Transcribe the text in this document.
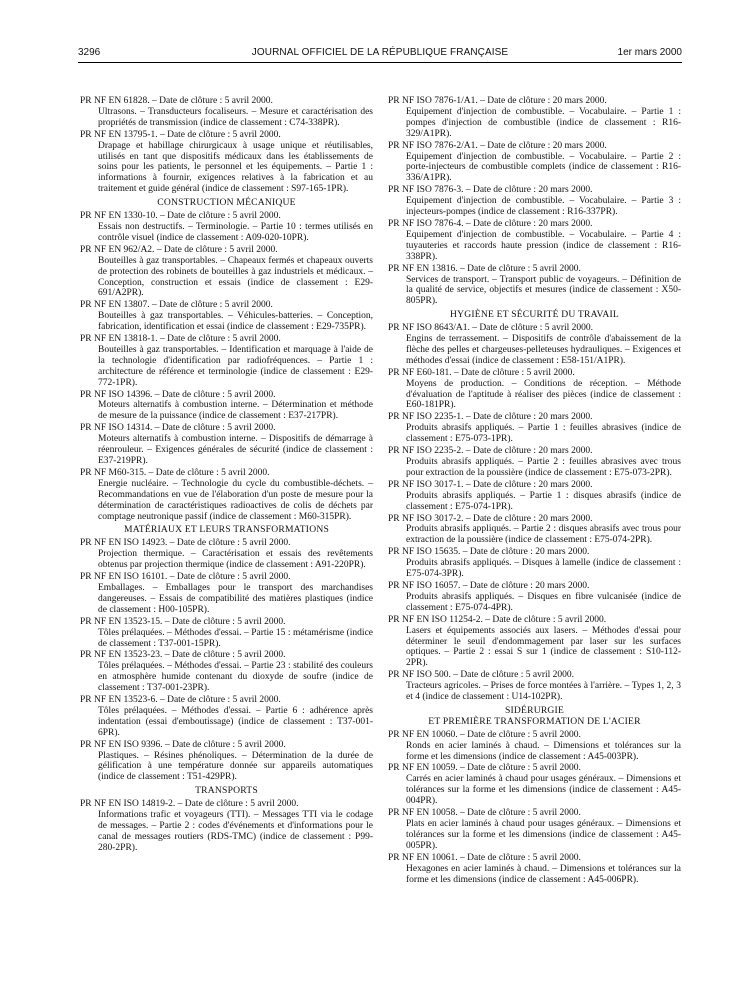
3296	JOURNAL OFFICIEL DE LA RÉPUBLIQUE FRANÇAISE	1er mars 2000
PR NF EN 61828. – Date de clôture : 5 avril 2000.
Ultrasons. – Transducteurs focaliseurs. – Mesure et caractérisation des propriétés de transmission (indice de classement : C74-338PR).
PR NF EN 13795-1. – Date de clôture : 5 avril 2000.
Drapage et habillage chirurgicaux à usage unique et réutilisables, utilisés en tant que dispositifs médicaux dans les établissements de soins pour les patients, le personnel et les équipements. – Partie 1 : informations à fournir, exigences relatives à la fabrication et au traitement et guide général (indice de classement : S97-165-1PR).
CONSTRUCTION MÉCANIQUE
PR NF EN 1330-10. – Date de clôture : 5 avril 2000.
Essais non destructifs. – Terminologie. – Partie 10 : termes utilisés en contrôle visuel (indice de classement : A09-020-10PR).
PR NF EN 962/A2. – Date de clôture : 5 avril 2000.
Bouteilles à gaz transportables. – Chapeaux fermés et chapeaux ouverts de protection des robinets de bouteilles à gaz industriels et médicaux. – Conception, construction et essais (indice de classement : E29-691/A2PR).
PR NF EN 13807. – Date de clôture : 5 avril 2000.
Bouteilles à gaz transportables. – Véhicules-batteries. – Conception, fabrication, identification et essai (indice de classement : E29-735PR).
PR NF EN 13818-1. – Date de clôture : 5 avril 2000.
Bouteilles à gaz transportables. – Identification et marquage à l'aide de la technologie d'identification par radiofréquences. – Partie 1 : architecture de référence et terminologie (indice de classement : E29-772-1PR).
PR NF ISO 14396. – Date de clôture : 5 avril 2000.
Moteurs alternatifs à combustion interne. – Détermination et méthode de mesure de la puissance (indice de classement : E37-217PR).
PR NF ISO 14314. – Date de clôture : 5 avril 2000.
Moteurs alternatifs à combustion interne. – Dispositifs de démarrage à réenrouleur. – Exigences générales de sécurité (indice de classement : E37-219PR).
PR NF M60-315. – Date de clôture : 5 avril 2000.
Energie nucléaire. – Technologie du cycle du combustible-déchets. – Recommandations en vue de l'élaboration d'un poste de mesure pour la détermination de caractéristiques radioactives de colis de déchets par comptage neutronique passif (indice de classement : M60-315PR).
MATÉRIAUX ET LEURS TRANSFORMATIONS
PR NF EN ISO 14923. – Date de clôture : 5 avril 2000.
Projection thermique. – Caractérisation et essais des revêtements obtenus par projection thermique (indice de classement : A91-220PR).
PR NF EN ISO 16101. – Date de clôture : 5 avril 2000.
Emballages. – Emballages pour le transport des marchandises dangereuses. – Essais de compatibilité des matières plastiques (indice de classement : H00-105PR).
PR NF EN 13523-15. – Date de clôture : 5 avril 2000.
Tôles prélaquées. – Méthodes d'essai. – Partie 15 : métamérisme (indice de classement : T37-001-15PR).
PR NF EN 13523-23. – Date de clôture : 5 avril 2000.
Tôles prélaquées. – Méthodes d'essai. – Partie 23 : stabilité des couleurs en atmosphère humide contenant du dioxyde de soufre (indice de classement : T37-001-23PR).
PR NF EN 13523-6. – Date de clôture : 5 avril 2000.
Tôles prélaquées. – Méthodes d'essai. – Partie 6 : adhérence après indentation (essai d'emboutissage) (indice de classement : T37-001-6PR).
PR NF EN ISO 9396. – Date de clôture : 5 avril 2000.
Plastiques. – Résines phénoliques. – Détermination de la durée de gélification à une température donnée sur appareils automatiques (indice de classement : T51-429PR).
TRANSPORTS
PR NF EN ISO 14819-2. – Date de clôture : 5 avril 2000.
Informations trafic et voyageurs (TTI). – Messages TTI via le codage de messages. – Partie 2 : codes d'événements et d'informations pour le canal de messages routiers (RDS-TMC) (indice de classement : P99-280-2PR).
PR NF ISO 7876-1/A1. – Date de clôture : 20 mars 2000.
Equipement d'injection de combustible. – Vocabulaire. – Partie 1 : pompes d'injection de combustible (indice de classement : R16-329/A1PR).
PR NF ISO 7876-2/A1. – Date de clôture : 20 mars 2000.
Equipement d'injection de combustible. – Vocabulaire. – Partie 2 : porte-injecteurs de combustible complets (indice de classement : R16-336/A1PR).
PR NF ISO 7876-3. – Date de clôture : 20 mars 2000.
Equipement d'injection de combustible. – Vocabulaire. – Partie 3 : injecteurs-pompes (indice de classement : R16-337PR).
PR NF ISO 7876-4. – Date de clôture : 20 mars 2000.
Equipement d'injection de combustible. – Vocabulaire. – Partie 4 : tuyauteries et raccords haute pression (indice de classement : R16-338PR).
PR NF EN 13816. – Date de clôture : 5 avril 2000.
Services de transport. – Transport public de voyageurs. – Définition de la qualité de service, objectifs et mesures (indice de classement : X50-805PR).
HYGIÈNE ET SÉCURITÉ DU TRAVAIL
PR NF ISO 8643/A1. – Date de clôture : 5 avril 2000.
Engins de terrassement. – Dispositifs de contrôle d'abaissement de la flèche des pelles et chargeuses-pelleteuses hydrauliques. – Exigences et méthodes d'essai (indice de classement : E58-151/A1PR).
PR NF E60-181. – Date de clôture : 5 avril 2000.
Moyens de production. – Conditions de réception. – Méthode d'évaluation de l'aptitude à réaliser des pièces (indice de classement : E60-181PR).
PR NF ISO 2235-1. – Date de clôture : 20 mars 2000.
Produits abrasifs appliqués. – Partie 1 : feuilles abrasives (indice de classement : E75-073-1PR).
PR NF ISO 2235-2. – Date de clôture : 20 mars 2000.
Produits abrasifs appliqués. – Partie 2 : feuilles abrasives avec trous pour extraction de la poussière (indice de classement : E75-073-2PR).
PR NF ISO 3017-1. – Date de clôture : 20 mars 2000.
Produits abrasifs appliqués. – Partie 1 : disques abrasifs (indice de classement : E75-074-1PR).
PR NF ISO 3017-2. – Date de clôture : 20 mars 2000.
Produits abrasifs appliqués. – Partie 2 : disques abrasifs avec trous pour extraction de la poussière (indice de classement : E75-074-2PR).
PR NF ISO 15635. – Date de clôture : 20 mars 2000.
Produits abrasifs appliqués. – Disques à lamelle (indice de classement : E75-074-3PR).
PR NF ISO 16057. – Date de clôture : 20 mars 2000.
Produits abrasifs appliqués. – Disques en fibre vulcanisée (indice de classement : E75-074-4PR).
PR NF EN ISO 11254-2. – Date de clôture : 5 avril 2000.
Lasers et équipements associés aux lasers. – Méthodes d'essai pour déterminer le seuil d'endommagement par laser sur les surfaces optiques. – Partie 2 : essai S sur 1 (indice de classement : S10-112-2PR).
PR NF ISO 500. – Date de clôture : 5 avril 2000.
Tracteurs agricoles. – Prises de force montées à l'arrière. – Types 1, 2, 3 et 4 (indice de classement : U14-102PR).
SIDÉRURGIE
ET PREMIÈRE TRANSFORMATION DE L'ACIER
PR NF EN 10060. – Date de clôture : 5 avril 2000.
Ronds en acier laminés à chaud. – Dimensions et tolérances sur la forme et les dimensions (indice de classement : A45-003PR).
PR NF EN 10059. – Date de clôture : 5 avril 2000.
Carrés en acier laminés à chaud pour usages généraux. – Dimensions et tolérances sur la forme et les dimensions (indice de classement : A45-004PR).
PR NF EN 10058. – Date de clôture : 5 avril 2000.
Plats en acier laminés à chaud pour usages généraux. – Dimensions et tolérances sur la forme et les dimensions (indice de classement : A45-005PR).
PR NF EN 10061. – Date de clôture : 5 avril 2000.
Hexagones en acier laminés à chaud. – Dimensions et tolérances sur la forme et les dimensions (indice de classement : A45-006PR).
